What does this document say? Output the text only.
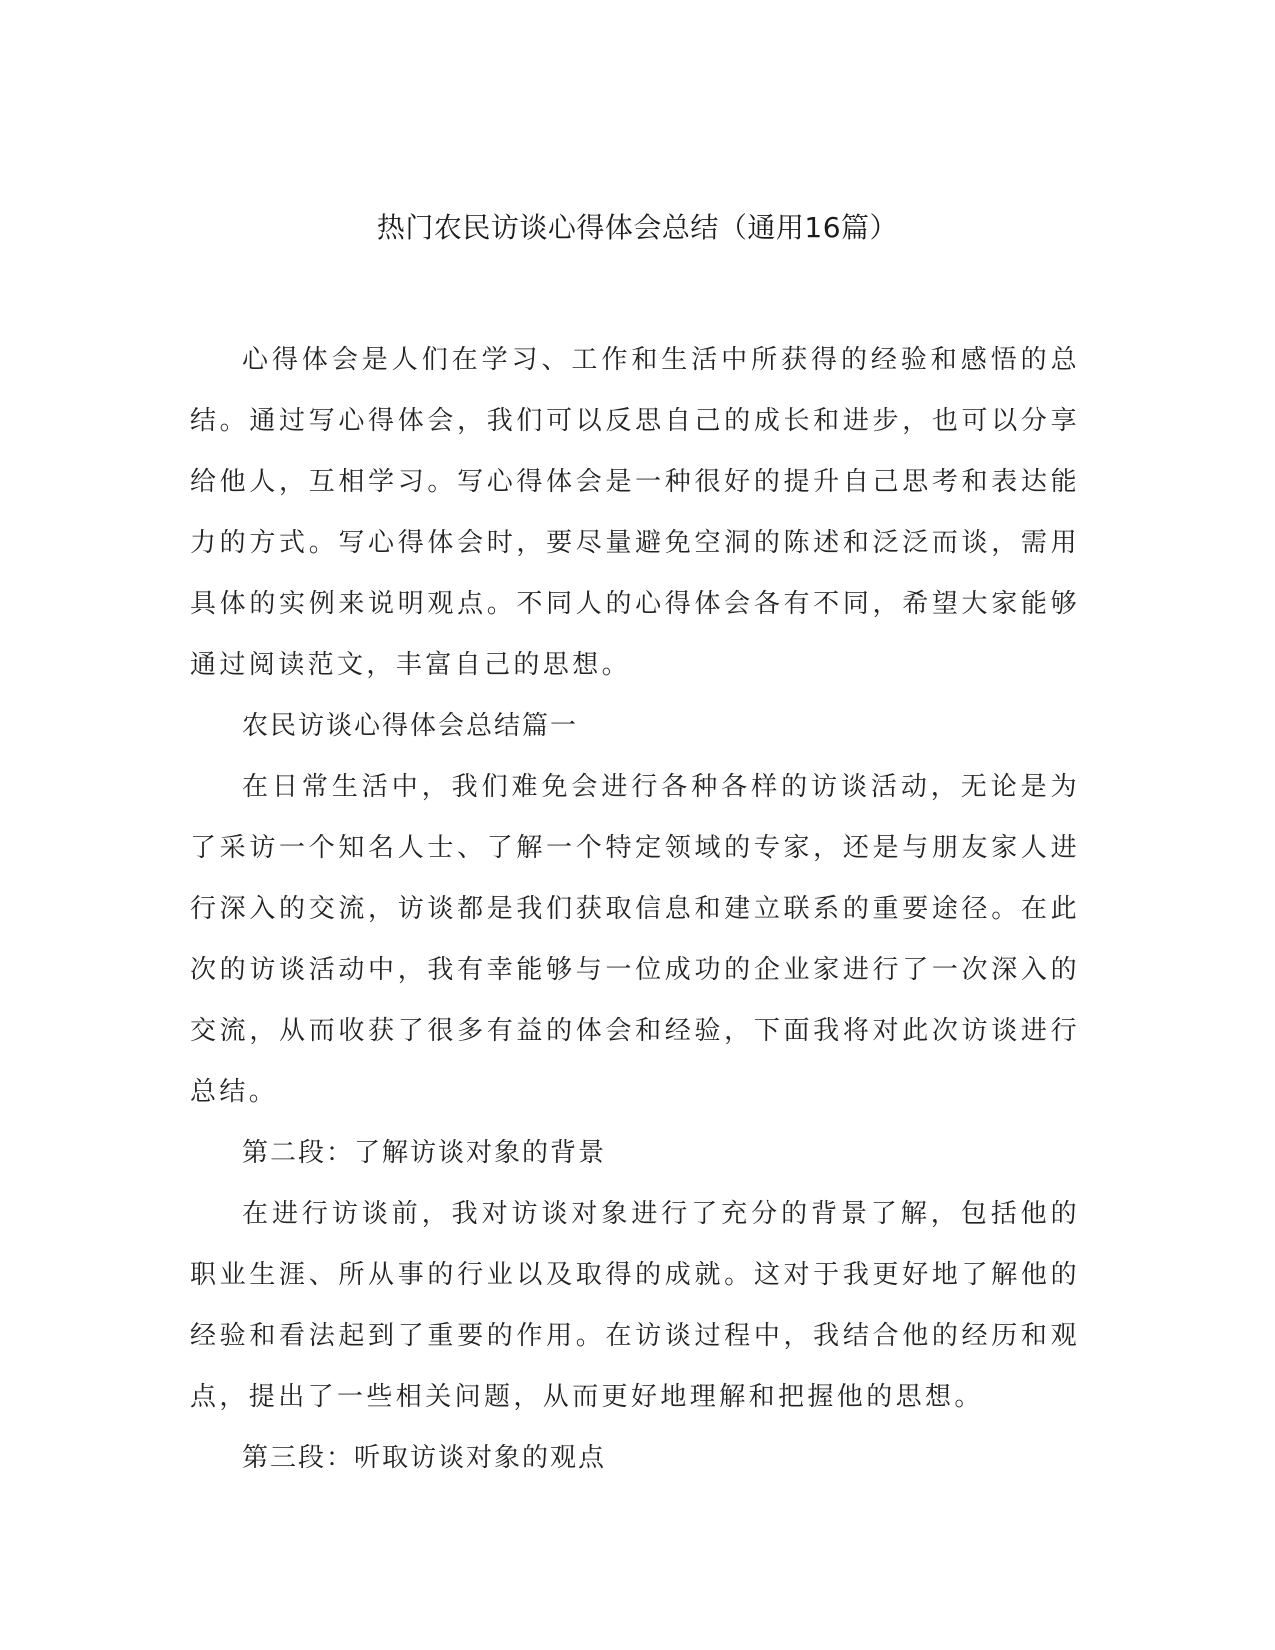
热门农民访谈心得体会总结（通用16篇）

心得体会是人们在学习、工作和生活中所获得的经验和感悟的总结。通过写心得体会，我们可以反思自己的成长和进步，也可以分享给他人，互相学习。写心得体会是一种很好的提升自己思考和表达能力的方式。写心得体会时，要尽量避免空洞的陈述和泛泛而谈，需用具体的实例来说明观点。不同人的心得体会各有不同，希望大家能够通过阅读范文，丰富自己的思想。

农民访谈心得体会总结篇一

在日常生活中，我们难免会进行各种各样的访谈活动，无论是为了采访一个知名人士、了解一个特定领域的专家，还是与朋友家人进行深入的交流，访谈都是我们获取信息和建立联系的重要途径。在此次的访谈活动中，我有幸能够与一位成功的企业家进行了一次深入的交流，从而收获了很多有益的体会和经验，下面我将对此次访谈进行总结。

第二段：了解访谈对象的背景

在进行访谈前，我对访谈对象进行了充分的背景了解，包括他的职业生涯、所从事的行业以及取得的成就。这对于我更好地了解他的经验和看法起到了重要的作用。在访谈过程中，我结合他的经历和观点，提出了一些相关问题，从而更好地理解和把握他的思想。

第三段：听取访谈对象的观点
